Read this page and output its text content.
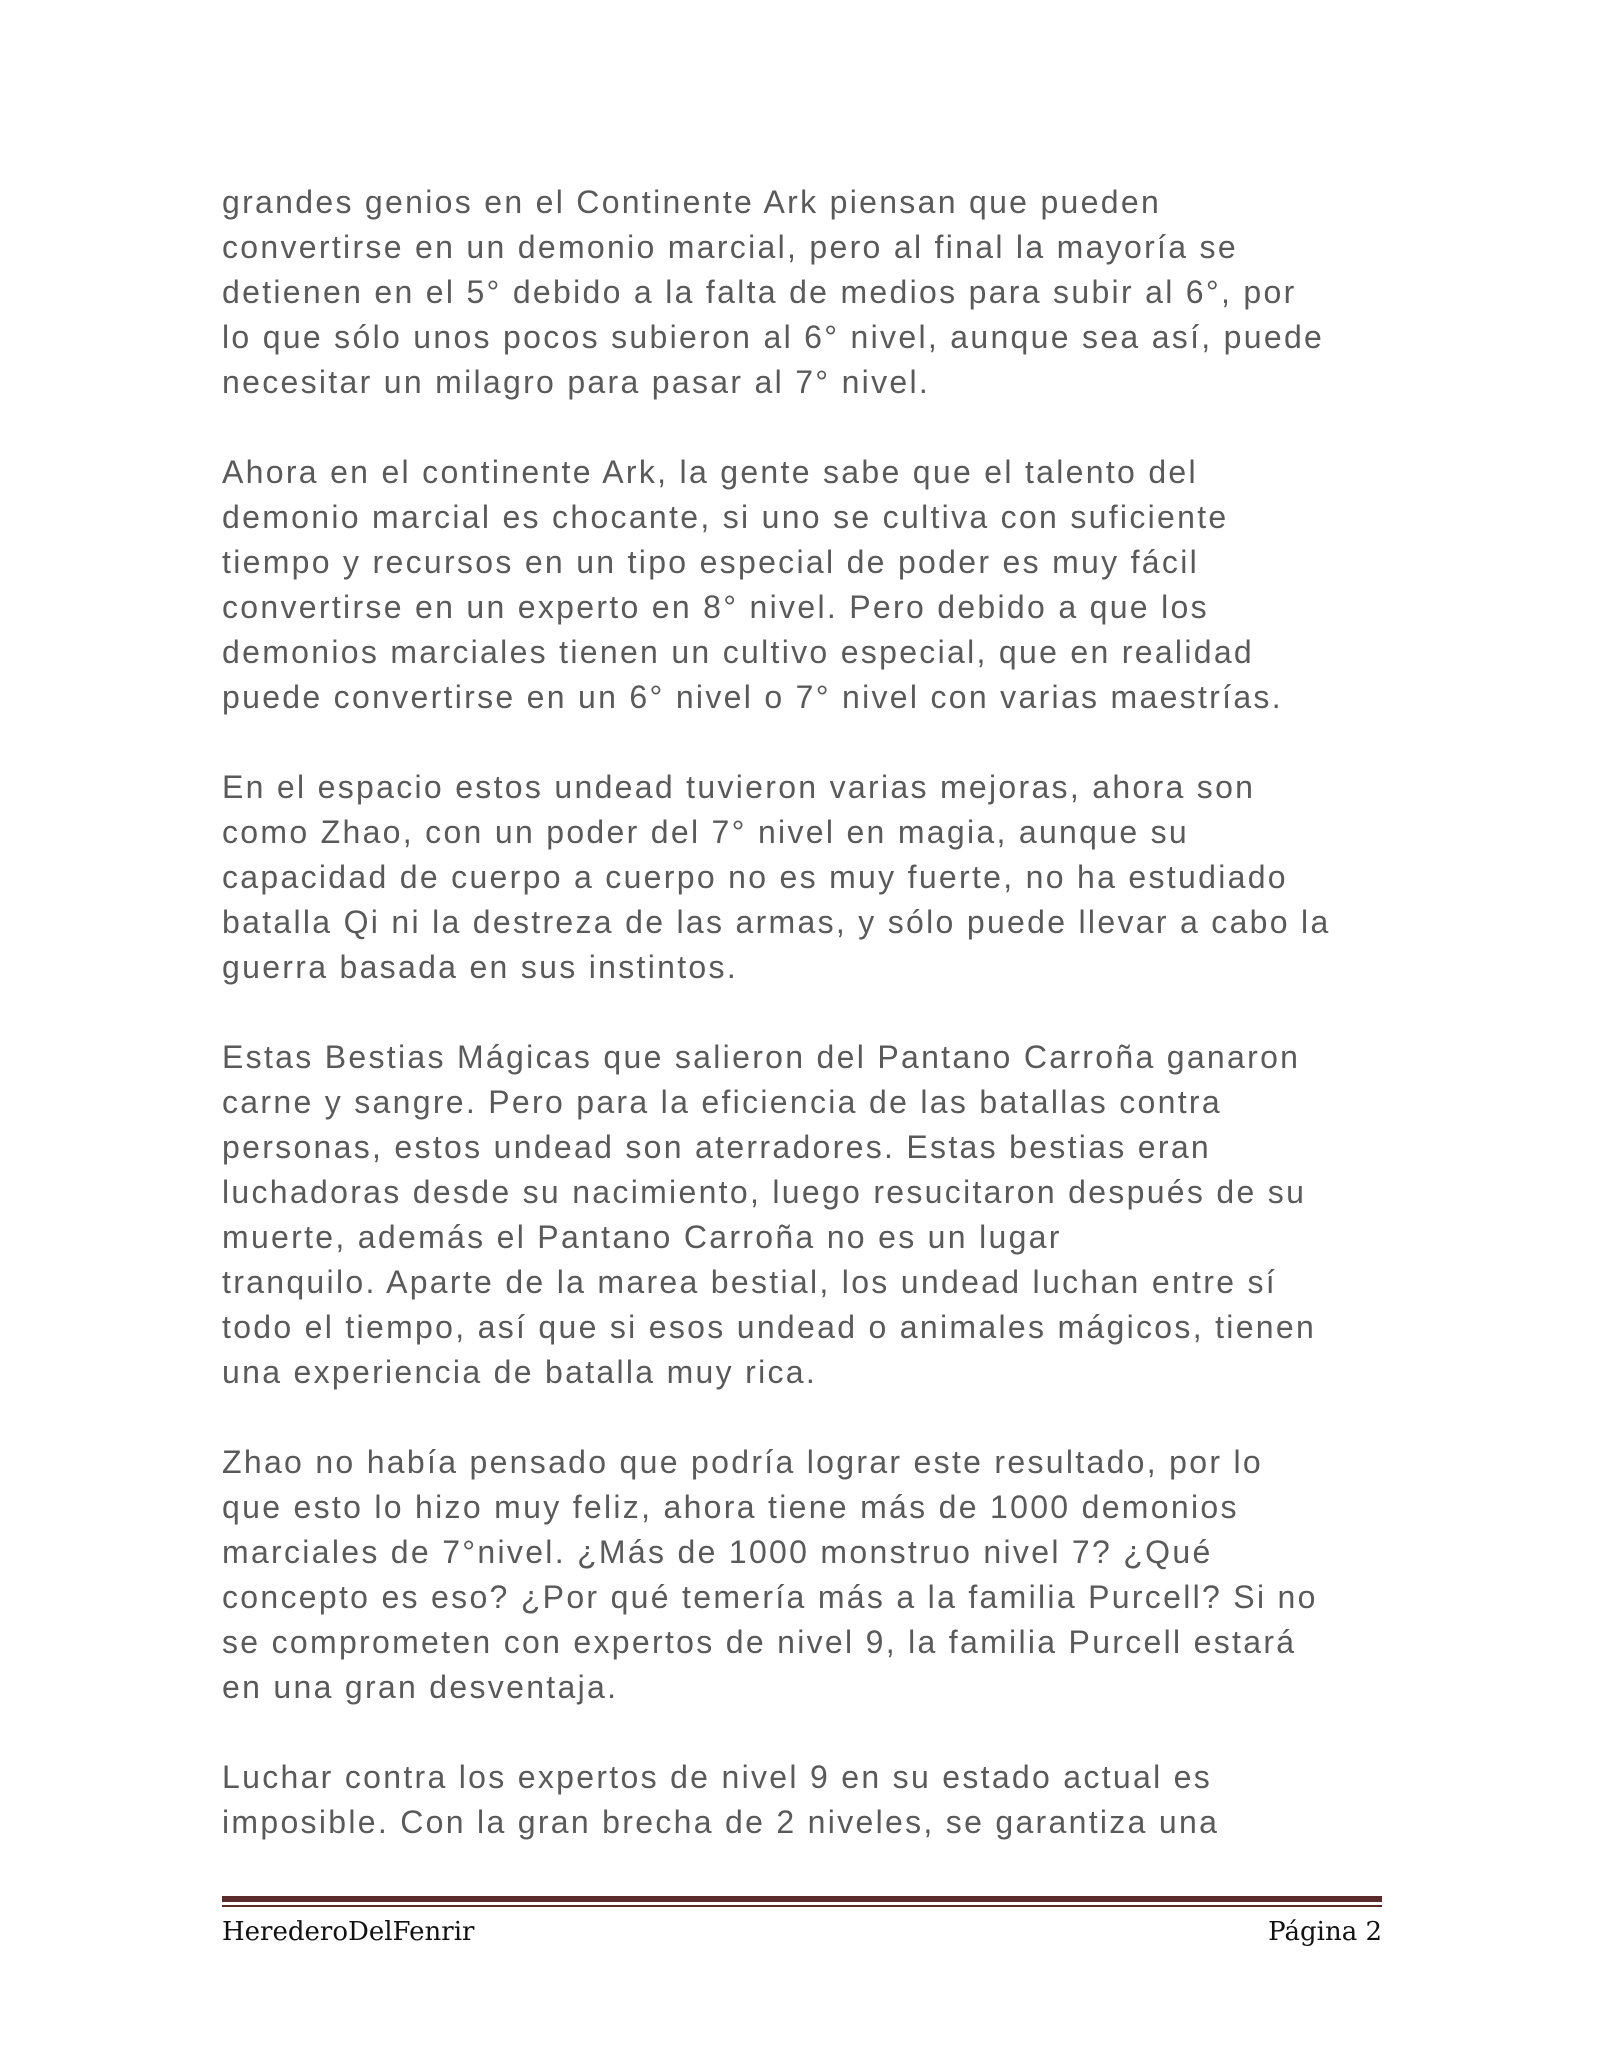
grandes genios en el Continente Ark piensan que pueden
convertirse en un demonio marcial, pero al final la mayoría se
detienen en el 5° debido a la falta de medios para subir al 6°, por
lo que sólo unos pocos subieron al 6° nivel, aunque sea así, puede
necesitar un milagro para pasar al 7° nivel.

Ahora en el continente Ark, la gente sabe que el talento del
demonio marcial es chocante, si uno se cultiva con suficiente
tiempo y recursos en un tipo especial de poder es muy fácil
convertirse en un experto en 8° nivel. Pero debido a que los
demonios marciales tienen un cultivo especial, que en realidad
puede convertirse en un 6° nivel o 7° nivel con varias maestrías.

En el espacio estos undead tuvieron varias mejoras, ahora son
como Zhao, con un poder del 7° nivel en magia, aunque su
capacidad de cuerpo a cuerpo no es muy fuerte, no ha estudiado
batalla Qi ni la destreza de las armas, y sólo puede llevar a cabo la
guerra basada en sus instintos.

Estas Bestias Mágicas que salieron del Pantano Carroña ganaron
carne y sangre. Pero para la eficiencia de las batallas contra
personas, estos undead son aterradores. Estas bestias eran
luchadoras desde su nacimiento, luego resucitaron después de su
muerte, además el Pantano Carroña no es un lugar
tranquilo. Aparte de la marea bestial, los undead luchan entre sí
todo el tiempo, así que si esos undead o animales mágicos, tienen
una experiencia de batalla muy rica.

Zhao no había pensado que podría lograr este resultado, por lo
que esto lo hizo muy feliz, ahora tiene más de 1000 demonios
marciales de 7°nivel. ¿Más de 1000 monstruo nivel 7? ¿Qué
concepto es eso? ¿Por qué temería más a la familia Purcell? Si no
se comprometen con expertos de nivel 9, la familia Purcell estará
en una gran desventaja.

Luchar contra los expertos de nivel 9 en su estado actual es
imposible. Con la gran brecha de 2 niveles, se garantiza una

HerederoDelFenrir	Página 2
